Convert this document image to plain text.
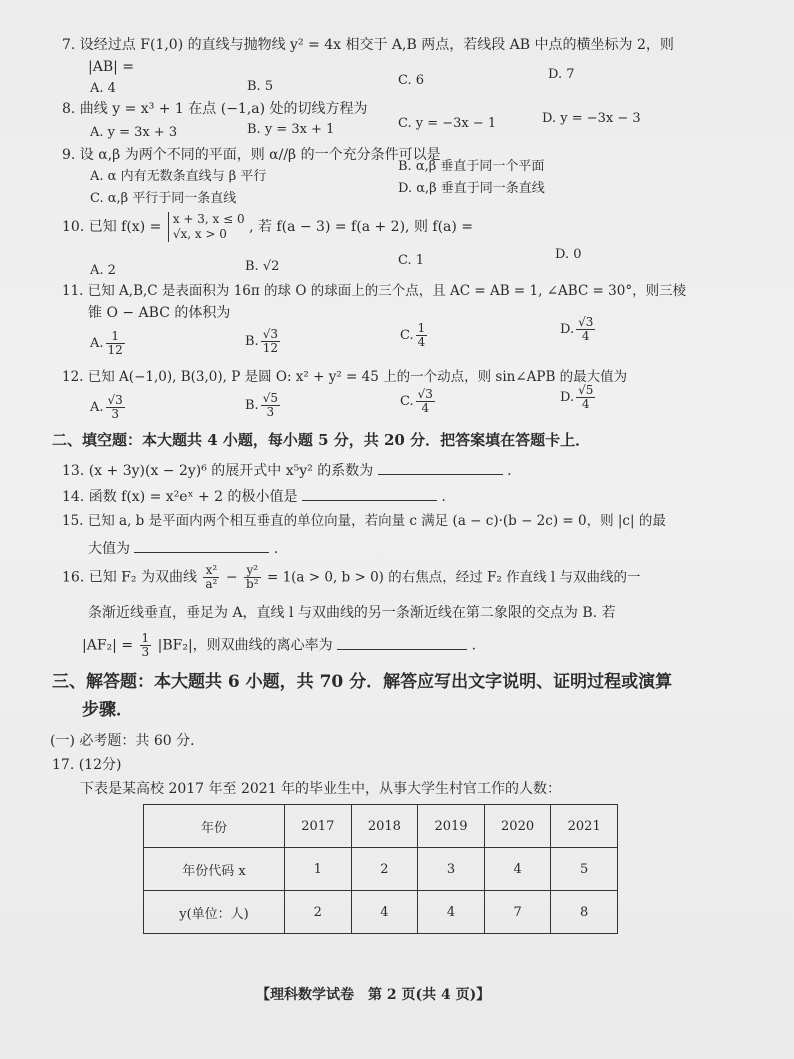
7. 设经过点 F(1,0) 的直线与抛物线 y² = 4x 相交于 A,B 两点，若线段 AB 中点的横坐标为 2，则
|AB| =
A. 4	B. 5	C. 6	D. 7
8. 曲线 y = x³ + 1 在点 (−1,a) 处的切线方程为
A. y = 3x + 3	B. y = 3x + 1	C. y = −3x − 1	D. y = −3x − 3
9. 设 α,β 为两个不同的平面，则 α//β 的一个充分条件可以是
A. α 内有无数条直线与 β 平行
B. α,β 垂直于同一个平面
C. α,β 平行于同一条直线
D. α,β 垂直于同一条直线
10. 已知 f(x) = x + 3, x ≤ 0
√x, x > 0	, 若 f(a − 3) = f(a + 2), 则 f(a) =
A. 2	B. √2	C. 1	D. 0
11. 已知 A,B,C 是表面积为 16π 的球 O 的球面上的三个点，且 AC = AB = 1, ∠ABC = 30°，则三棱
锥 O − ABC 的体积为
A. $\frac{1}{12}$	B. $\frac{√3}{12}$	C. $\frac{1}{4}$	D. $\frac{√3}{4}$
12. 已知 A(−1,0), B(3,0), P 是圆 O: x² + y² = 45 上的一个动点，则 sin∠APB 的最大值为
A. $\frac{√3}{3}$	B. $\frac{√5}{3}$	C. $\frac{√3}{4}$	D. $\frac{√5}{4}$
二、填空题：本大题共 4 小题，每小题 5 分，共 20 分．把答案填在答题卡上．
13. (x + 3y)(x − 2y)⁶ 的展开式中 x⁵y² 的系数为	.
14. 函数 f(x) = x²eˣ + 2 的极小值是	.
15. 已知 a, b 是平面内两个相互垂直的单位向量，若向量 c 满足 (a − c)·(b − 2c) = 0，则 |c| 的最
大值为	.
16. 已知 F₂ 为双曲线 $\frac{\text{x²}}{\text{a²}} - \frac{\text{y²}}{\text{b²}} = 1(a > 0$, b > 0) 的右焦点，经过 F₂ 作直线 l 与双曲线的一
条渐近线垂直，垂足为 A，直线 l 与双曲线的另一条渐近线在第二象限的交点为 B. 若
$|AF_2| = \frac{1}{3} |BF_2|$，则双曲线的离心率为	.
三、解答题：本大题共 6 小题，共 70 分．解答应写出文字说明、证明过程或演算
步骤．
(一) 必考题：共 60 分．
17. (12分)
下表是某高校 2017 年至 2021 年的毕业生中，从事大学生村官工作的人数：
年份	2017	2018	2019	2020	2021
年份代码 x	1	2	3	4	5
y(单位：人)	2	4	4	7	8
【理科数学试卷　第 2 页(共 4 页)】
